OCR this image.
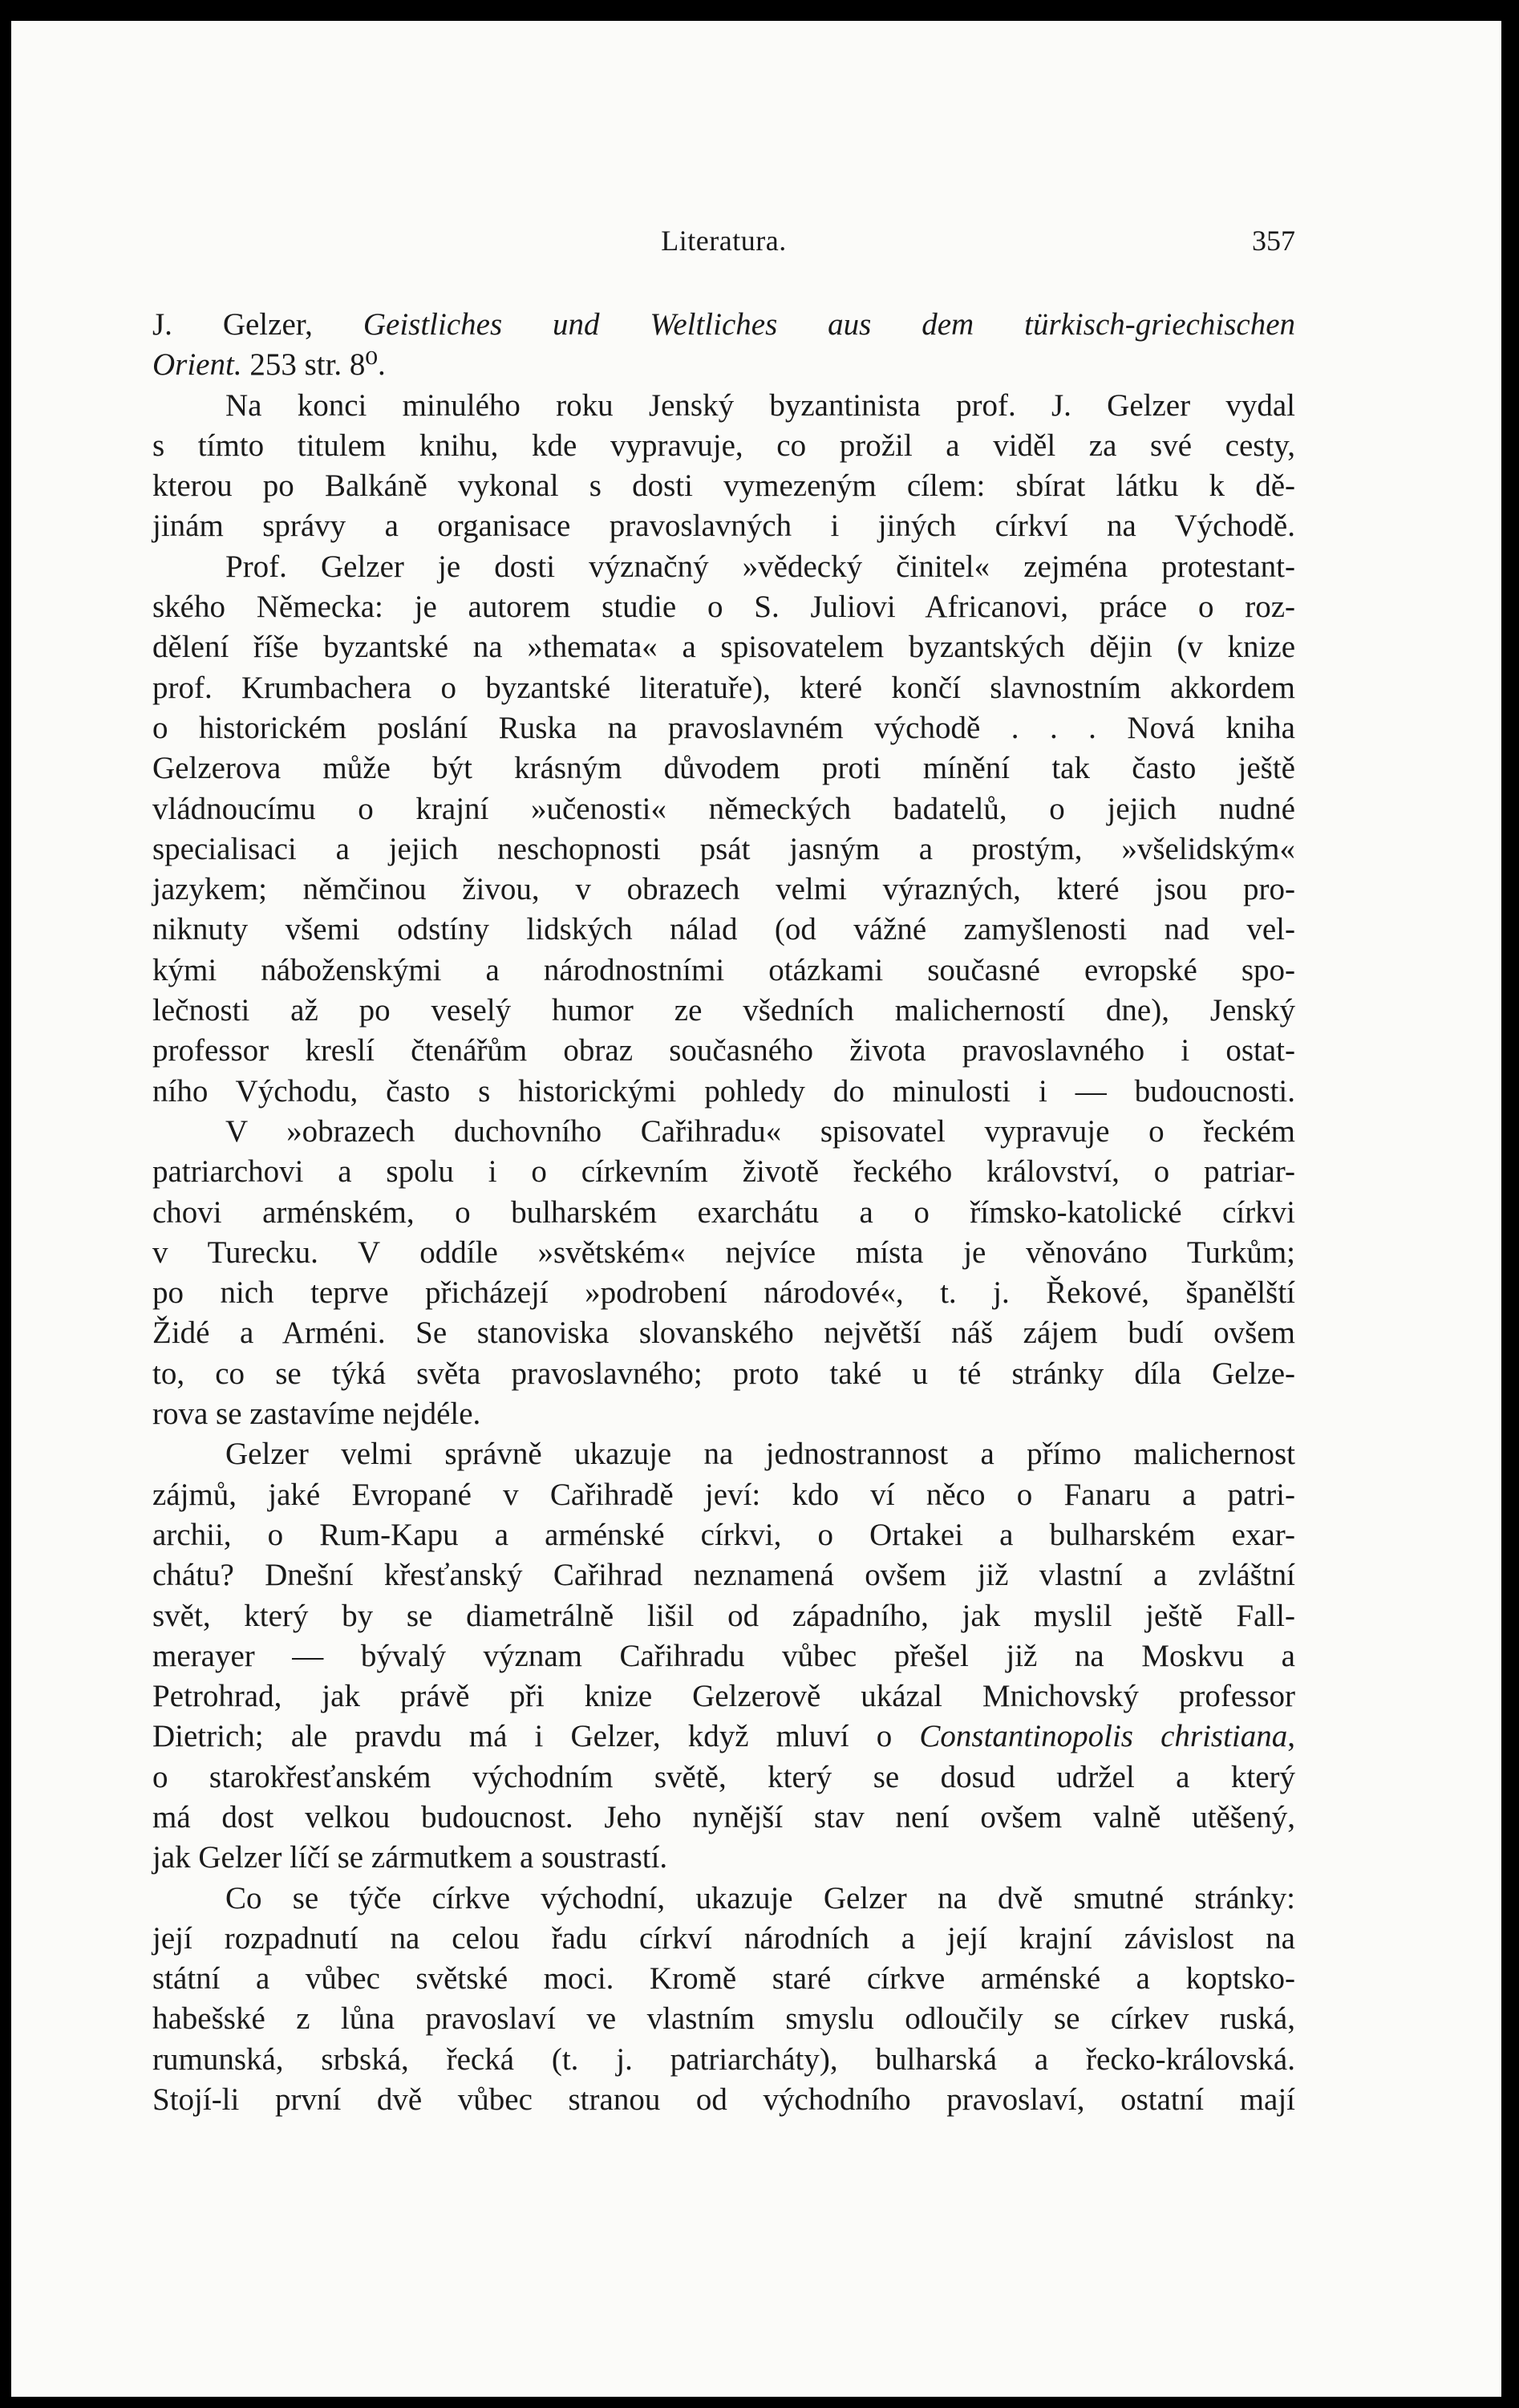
Literatura.	357
J. Gelzer, Geistliches und Weltliches aus dem türkisch-griechischen
Orient. 253 str. 8⁰.
Na konci minulého roku Jenský byzantinista prof. J. Gelzer vydal
s tímto titulem knihu, kde vypravuje, co prožil a viděl za své cesty,
kterou po Balkáně vykonal s dosti vymezeným cílem: sbírat látku k dě-
jinám správy a organisace pravoslavných i jiných církví na Východě.
Prof. Gelzer je dosti význačný »vědecký činitel« zejména protestant-
ského Německa: je autorem studie o S. Juliovi Africanovi, práce o roz-
dělení říše byzantské na »themata« a spisovatelem byzantských dějin (v knize
prof. Krumbachera o byzantské literatuře), které končí slavnostním akkordem
o historickém poslání Ruska na pravoslavném východě . . . Nová kniha
Gelzerova může být krásným důvodem proti mínění tak často ještě
vládnoucímu o krajní »učenosti« německých badatelů, o jejich nudné
specialisaci a jejich neschopnosti psát jasným a prostým, »všelidským«
jazykem; němčinou živou, v obrazech velmi výrazných, které jsou pro-
niknuty všemi odstíny lidských nálad (od vážné zamyšlenosti nad vel-
kými náboženskými a národnostními otázkami současné evropské spo-
lečnosti až po veselý humor ze všedních malicherností dne), Jenský
professor kreslí čtenářům obraz současného života pravoslavného i ostat-
ního Východu, často s historickými pohledy do minulosti i — budoucnosti.
V »obrazech duchovního Cařihradu« spisovatel vypravuje o řeckém
patriarchovi a spolu i o církevním životě řeckého království, o patriar-
chovi arménském, o bulharském exarchátu a o římsko-katolické církvi
v Turecku. V oddíle »světském« nejvíce místa je věnováno Turkům;
po nich teprve přicházejí »podrobení národové«, t. j. Řekové, španělští
Židé a Arméni. Se stanoviska slovanského největší náš zájem budí ovšem
to, co se týká světa pravoslavného; proto také u té stránky díla Gelze-
rova se zastavíme nejdéle.
Gelzer velmi správně ukazuje na jednostrannost a přímo malichernost
zájmů, jaké Evropané v Cařihradě jeví: kdo ví něco o Fanaru a patri-
archii, o Rum-Kapu a arménské církvi, o Ortakei a bulharském exar-
chátu? Dnešní křesťanský Cařihrad neznamená ovšem již vlastní a zvláštní
svět, který by se diametrálně lišil od západního, jak myslil ještě Fall-
merayer — bývalý význam Cařihradu vůbec přešel již na Moskvu a
Petrohrad, jak právě při knize Gelzerově ukázal Mnichovský professor
Dietrich; ale pravdu má i Gelzer, když mluví o Constantinopolis christiana,
o starokřesťanském východním světě, který se dosud udržel a který
má dost velkou budoucnost. Jeho nynější stav není ovšem valně utěšený,
jak Gelzer líčí se zármutkem a soustrastí.
Co se týče církve východní, ukazuje Gelzer na dvě smutné stránky:
její rozpadnutí na celou řadu církví národních a její krajní závislost na
státní a vůbec světské moci. Kromě staré církve arménské a koptsko-
habešské z lůna pravoslaví ve vlastním smyslu odloučily se církev ruská,
rumunská, srbská, řecká (t. j. patriarcháty), bulharská a řecko-královská.
Stojí-li první dvě vůbec stranou od východního pravoslaví, ostatní mají
